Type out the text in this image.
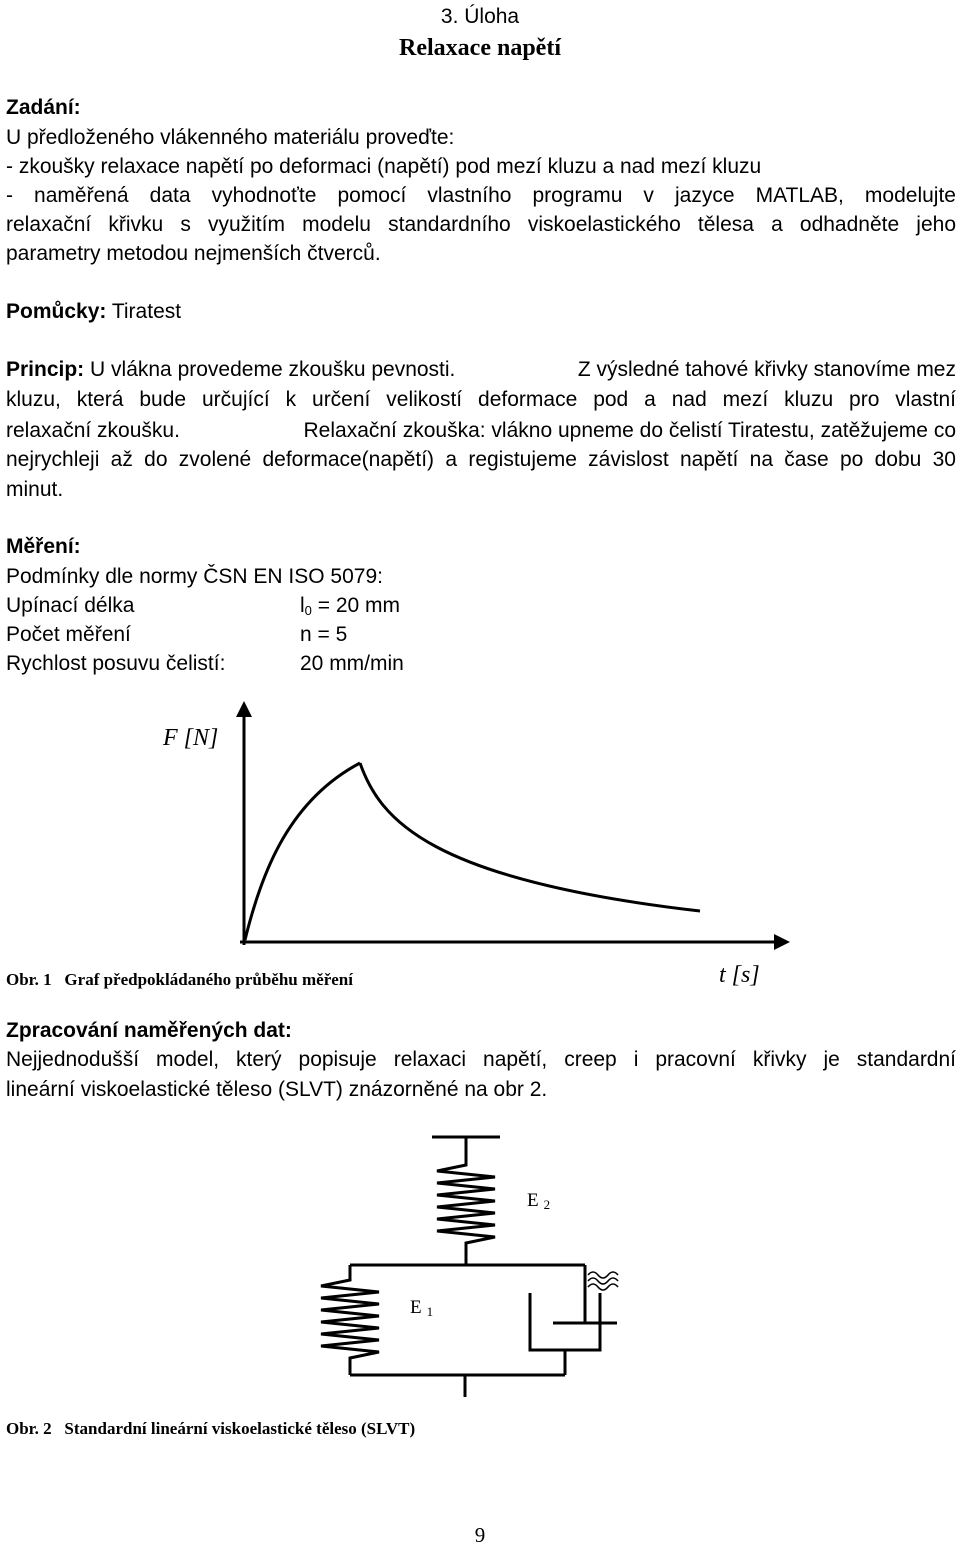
3. Úloha
Relaxace napětí
Zadání:
U předloženého vlákenného materiálu proveďte:
- zkoušky relaxace napětí po deformaci (napětí) pod mezí kluzu a nad mezí kluzu
- naměřená data vyhodnoťte pomocí vlastního programu v jazyce MATLAB, modelujte
relaxační křivku s využitím modelu standardního viskoelastického tělesa a odhadněte jeho
parametry metodou nejmenších čtverců.
Pomůcky: Tiratest
Princip: U vlákna provedeme zkoušku pevnosti.	Z výsledné tahové křivky stanovíme mez
kluzu, která bude určující k určení velikostí deformace pod a nad mezí kluzu pro vlastní
relaxační zkoušku.	Relaxační zkouška: vlákno upneme do čelistí Tiratestu, zatěžujeme co
nejrychleji až do zvolené deformace(napětí) a registujeme závislost napětí na čase po dobu 30
minut.
Měření:
Podmínky dle normy ČSN EN ISO 5079:
Upínací délka	$l_0 = 20$ mm
Počet měření	n = 5
Rychlost posuvu čelistí:	20 mm/min
F [N]
t [s]
Obr. 1 Graf předpokládaného průběhu měření
Zpracování naměřených dat:
Nejjednodušší model, který popisuje relaxaci napětí, creep i pracovní křivky je standardní
lineární viskoelastické těleso (SLVT) znázorněné na obr 2.
E $_2$
E $_1$
Obr. 2 Standardní lineární viskoelastické těleso (SLVT)
9
